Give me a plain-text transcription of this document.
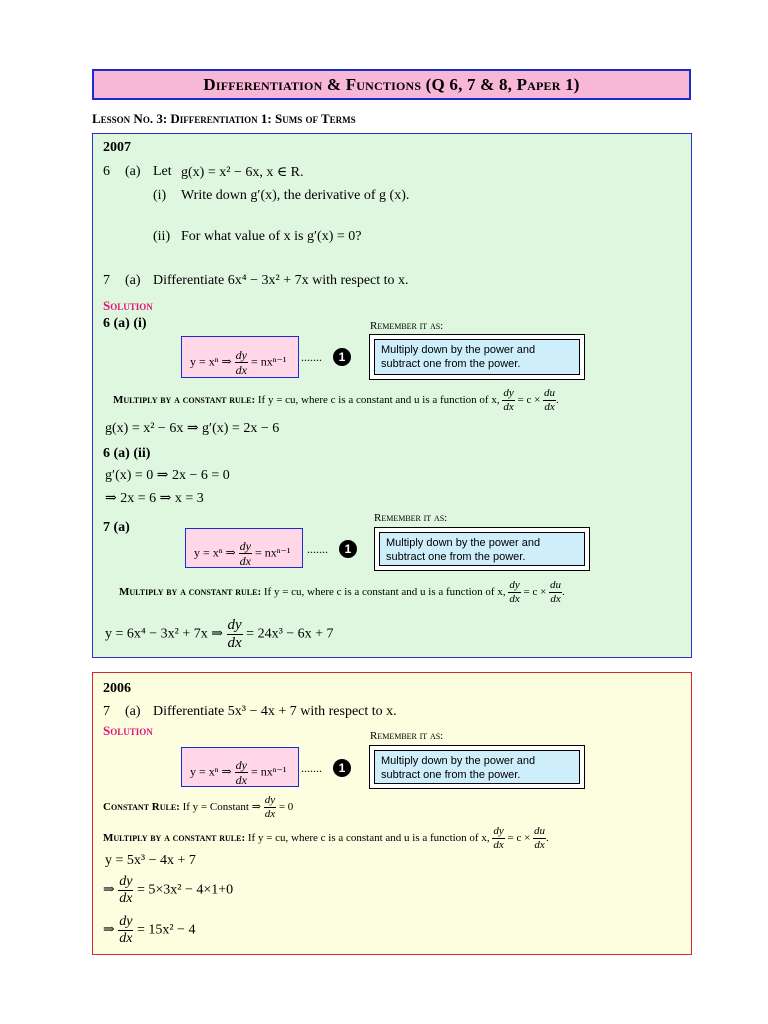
Differentiation & Functions (Q 6, 7 & 8, Paper 1)
Lesson No. 3: Differentiation 1: Sums of Terms
2007
6 (a) Let g(x) = x² − 6x, x ∈ R.
(i) Write down g′(x), the derivative of g (x).
(ii) For what value of x is g′(x) = 0?
7 (a) Differentiate 6x⁴ − 3x² + 7x with respect to x.
Solution
6 (a) (i)	Remember it as:
y = xⁿ ⇒ $\frac{dy}{dx} = nx^{n-1}$ .......	1	Multiply down by the power and
subtract one from the power.
Multiply by a constant rule: If y = cu, where c is a constant and u is a function of x, $\frac{dy}{dx} = c \times \frac{du}{dx}$ .
g(x) = x² − 6x ⇒ g′(x) = 2x − 6
6 (a) (ii)
g′(x) = 0 ⇒ 2x − 6 = 0
⇒ 2x = 6 ⇒ x = 3
7 (a)
Remember it as:
y = xⁿ ⇒ $\frac{dy}{dx} = nx^{n-1}$ .......	1	Multiply down by the power and
subtract one from the power.
Multiply by a constant rule: If y = cu, where c is a constant and u is a function of x, $\frac{dy}{dx} = c \times \frac{du}{dx}$ .
y = 6x⁴ − 3x² + 7x ⇒ $\frac{dy}{dx} = 24x^3 - 6x + 7$
2006
7 (a) Differentiate 5x³ − 4x + 7 with respect to x.
Solution	Remember it as:
y = xⁿ ⇒ $\frac{dy}{dx} = nx^{n-1}$ .......	1	Multiply down by the power and
subtract one from the power.
Constant Rule: If y = Constant ⇒ $\frac{dy}{dx} = 0$
Multiply by a constant rule: If y = cu, where c is a constant and u is a function of x, $\frac{dy}{dx} = c \times \frac{du}{dx}$ .
y = 5x³ − 4x + 7
⇒ $\frac{dy}{dx} = 5\times 3x^2 - 4\times 1+0$
⇒ $\frac{dy}{dx} = 15x^2 - 4$
